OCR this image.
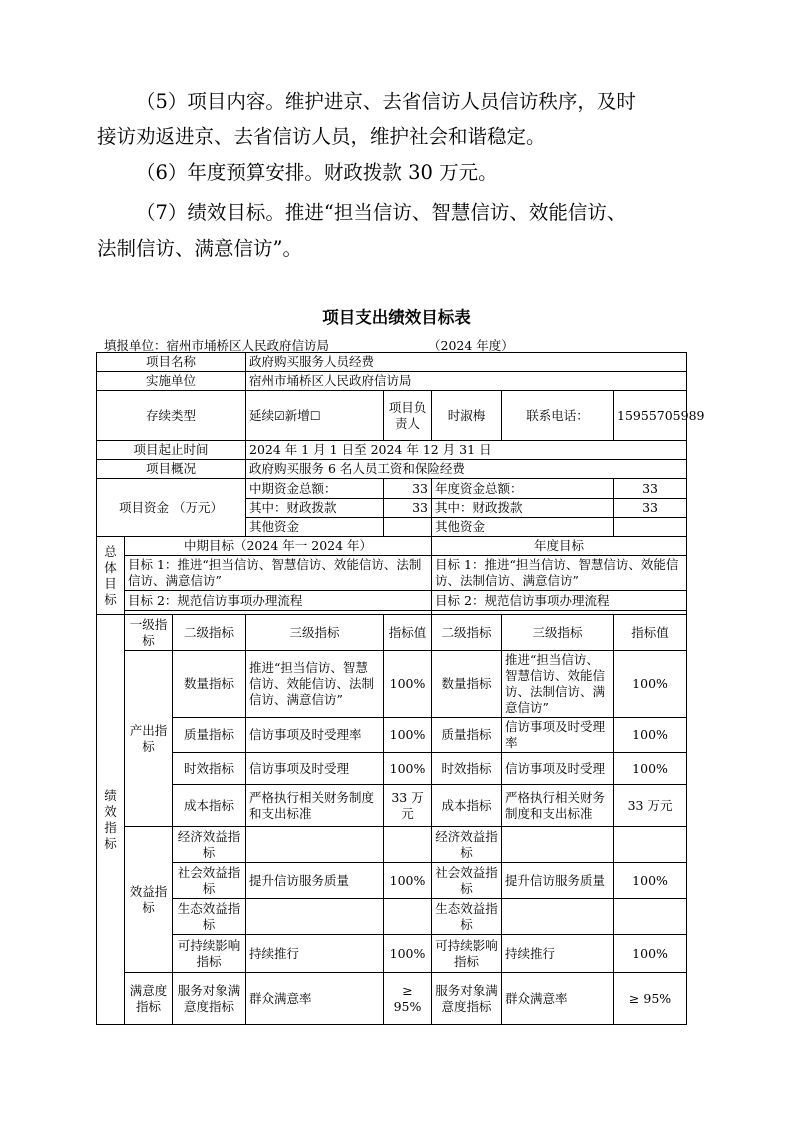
（5）项目内容。维护进京、去省信访人员信访秩序，及时
接访劝返进京、去省信访人员，维护社会和谐稳定。
（6）年度预算安排。财政拨款 30 万元。
（7）绩效目标。推进“担当信访、智慧信访、效能信访、
法制信访、满意信访”。
项目支出绩效目标表
填报单位：宿州市埇桥区人民政府信访局	（2024 年度）
项目名称			政府购买服务人员经费				
实施单位			宿州市埇桥区人民政府信访局				
存续类型			延续☑新增☐	项目负责人	时淑梅	联系电话：	15955705989
项目起止时间			2024 年 1 月 1 日至 2024 年 12 月 31 日				
项目概况			政府购买服务 6 名人员工资和保险经费				
项目资金 （万元）			中期资金总额：	33	年度资金总额：		33
			其中：财政拨款	33	其中：财政拨款		33
			其他资金		其他资金		
总体目标	中期目标（2024 年一 2024 年）				年度目标		
	目标 1：推进“担当信访、智慧信访、效能信访、法制信访、满意信访”				目标 1：推进“担当信访、智慧信访、效能信访、法制信访、满意信访”		
	目标 2：规范信访事项办理流程				目标 2：规范信访事项办理流程		

绩效指标	一级指标	二级指标	三级指标	指标值	二级指标	三级指标	指标值
	产出指标	数量指标	推进“担当信访、智慧信访、效能信访、法制信访、满意信访”	100%	数量指标	推进“担当信访、智慧信访、效能信访、法制信访、满意信访”	100%
		质量指标	信访事项及时受理率	100%	质量指标	信访事项及时受理率	100%
		时效指标	信访事项及时受理	100%	时效指标	信访事项及时受理	100%
		成本指标	严格执行相关财务制度和支出标准	33 万元	成本指标	严格执行相关财务制度和支出标准	33 万元
	效益指标	经济效益指标			经济效益指标		
		社会效益指标	提升信访服务质量	100%	社会效益指标	提升信访服务质量	100%
		生态效益指标			生态效益指标		
		可持续影响 指标	持续推行	100%	可持续影响 指标	持续推行	100%
	满意度指标	服务对象满意度指标	群众满意率	≥ 95%	服务对象满意度指标	群众满意率	≥ 95%
